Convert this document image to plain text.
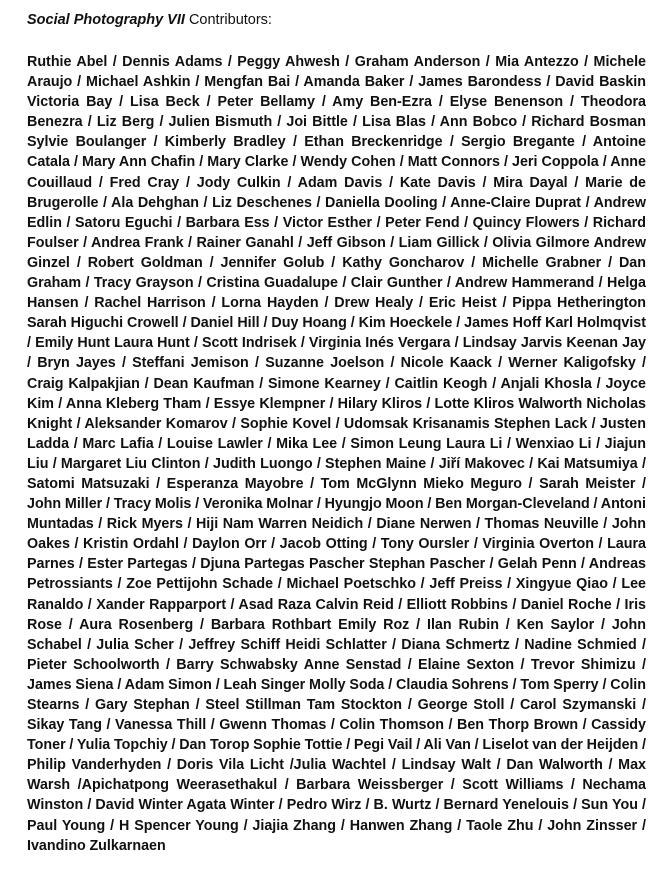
Social Photography VII Contributors:

Ruthie Abel / Dennis Adams / Peggy Ahwesh / Graham Anderson / Mia Antezzo / Michele Araujo / Michael Ashkin / Mengfan Bai / Amanda Baker / James Barondess / David Baskin Victoria Bay / Lisa Beck / Peter Bellamy / Amy Ben-Ezra / Elyse Benenson / Theodora Benezra / Liz Berg / Julien Bismuth / Joi Bittle / Lisa Blas / Ann Bobco / Richard Bosman Sylvie Boulanger / Kimberly Bradley / Ethan Breckenridge / Sergio Bregante / Antoine Catala / Mary Ann Chafin / Mary Clarke / Wendy Cohen / Matt Connors / Jeri Coppola / Anne Couillaud / Fred Cray / Jody Culkin / Adam Davis / Kate Davis / Mira Dayal / Marie de Brugerolle / Ala Dehghan / Liz Deschenes / Daniella Dooling / Anne-Claire Duprat / Andrew Edlin / Satoru Eguchi / Barbara Ess / Victor Esther / Peter Fend / Quincy Flowers / Richard Foulser / Andrea Frank / Rainer Ganahl / Jeff Gibson / Liam Gillick / Olivia Gilmore Andrew Ginzel / Robert Goldman / Jennifer Golub / Kathy Goncharov / Michelle Grabner / Dan Graham / Tracy Grayson / Cristina Guadalupe / Clair Gunther / Andrew Hammerand / Helga Hansen / Rachel Harrison / Lorna Hayden / Drew Healy / Eric Heist / Pippa Hetherington Sarah Higuchi Crowell / Daniel Hill / Duy Hoang / Kim Hoeckele / James Hoff Karl Holmqvist / Emily Hunt Laura Hunt / Scott Indrisek / Virginia Inés Vergara / Lindsay Jarvis Keenan Jay / Bryn Jayes / Steffani Jemison / Suzanne Joelson / Nicole Kaack / Werner Kaligofsky / Craig Kalpakjian / Dean Kaufman / Simone Kearney / Caitlin Keogh / Anjali Khosla / Joyce Kim / Anna Kleberg Tham / Essye Klempner / Hilary Kliros / Lotte Kliros Walworth Nicholas Knight / Aleksander Komarov / Sophie Kovel / Udomsak Krisanamis Stephen Lack / Justen Ladda / Marc Lafia / Louise Lawler / Mika Lee / Simon Leung Laura Li / Wenxiao Li / Jiajun Liu / Margaret Liu Clinton / Judith Luongo / Stephen Maine / Jiří Makovec / Kai Matsumiya / Satomi Matsuzaki / Esperanza Mayobre / Tom McGlynn Mieko Meguro / Sarah Meister / John Miller / Tracy Molis / Veronika Molnar / Hyungjo Moon / Ben Morgan-Cleveland / Antoni Muntadas / Rick Myers / Hiji Nam Warren Neidich / Diane Nerwen / Thomas Neuville / John Oakes / Kristin Ordahl / Daylon Orr / Jacob Otting / Tony Oursler / Virginia Overton / Laura Parnes / Ester Partegas / Djuna Partegas Pascher Stephan Pascher / Gelah Penn / Andreas Petrossiants / Zoe Pettijohn Schade / Michael Poetschko / Jeff Preiss / Xingyue Qiao / Lee Ranaldo / Xander Rapparport / Asad Raza Calvin Reid / Elliott Robbins / Daniel Roche / Iris Rose / Aura Rosenberg / Barbara Rothbart Emily Roz / Ilan Rubin / Ken Saylor / John Schabel / Julia Scher / Jeffrey Schiff Heidi Schlatter / Diana Schmertz / Nadine Schmied / Pieter Schoolworth / Barry Schwabsky Anne Senstad / Elaine Sexton / Trevor Shimizu / James Siena / Adam Simon / Leah Singer Molly Soda / Claudia Sohrens / Tom Sperry / Colin Stearns / Gary Stephan / Steel Stillman Tam Stockton / George Stoll / Carol Szymanski / Sikay Tang / Vanessa Thill / Gwenn Thomas / Colin Thomson / Ben Thorp Brown / Cassidy Toner / Yulia Topchiy / Dan Torop Sophie Tottie / Pegi Vail / Ali Van / Liselot van der Heijden / Philip Vanderhyden / Doris Vila Licht /Julia Wachtel / Lindsay Walt / Dan Walworth / Max Warsh /Apichatpong Weerasethakul / Barbara Weissberger / Scott Williams / Nechama Winston / David Winter Agata Winter / Pedro Wirz / B. Wurtz / Bernard Yenelouis / Sun You / Paul Young / H Spencer Young / Jiajia Zhang / Hanwen Zhang / Taole Zhu / John Zinsser / Ivandino Zulkarnaen
